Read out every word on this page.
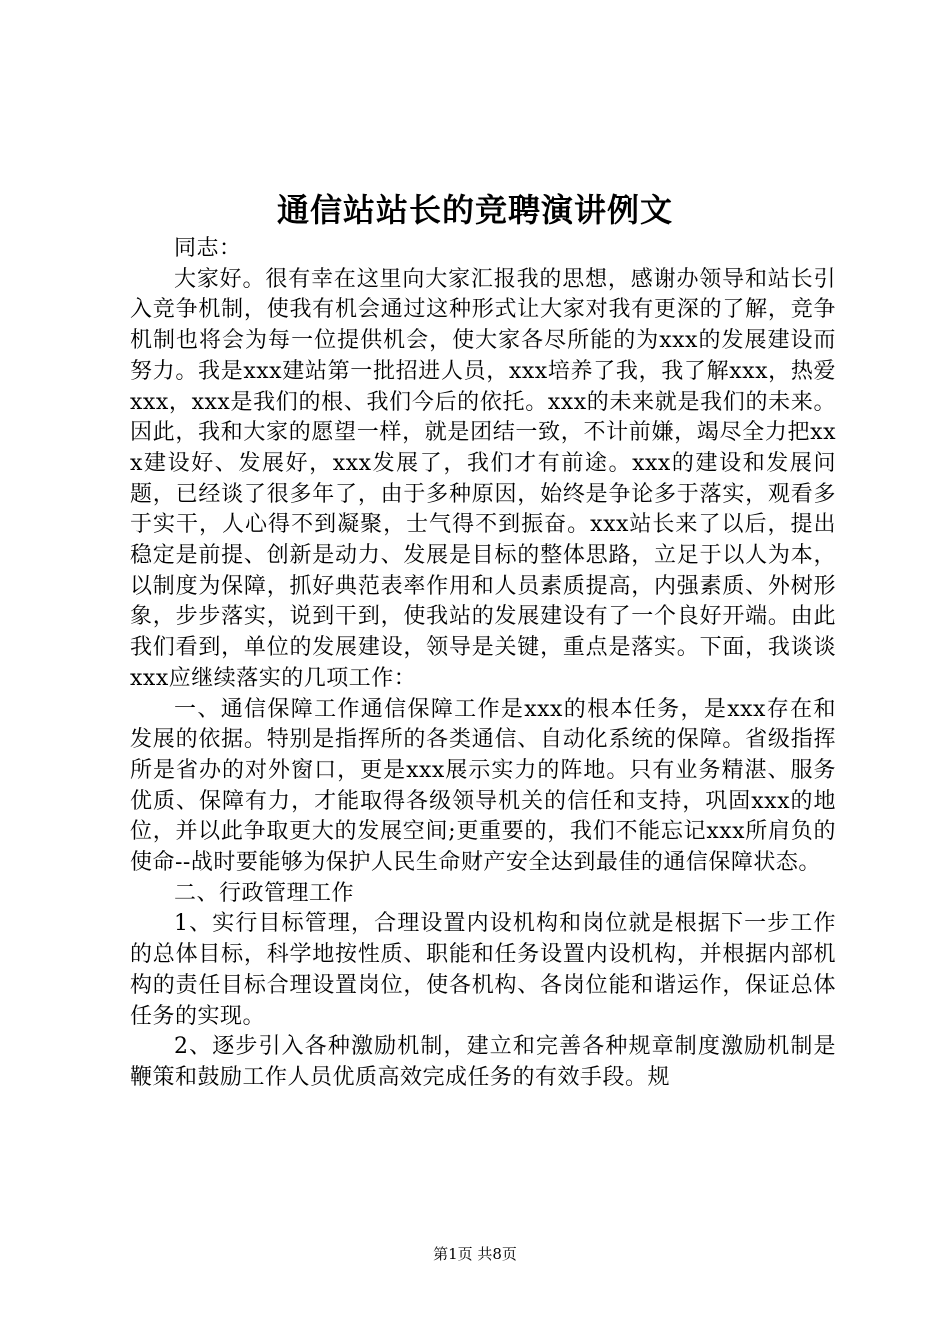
通信站站长的竞聘演讲例文

同志：

大家好。很有幸在这里向大家汇报我的思想，感谢办领导和站长引入竞争机制，使我有机会通过这种形式让大家对我有更深的了解，竞争机制也将会为每一位提供机会，使大家各尽所能的为xxx的发展建设而努力。我是xxx建站第一批招进人员，xxx培养了我，我了解xxx，热爱xxx，xxx是我们的根、我们今后的依托。xxx的未来就是我们的未来。因此，我和大家的愿望一样，就是团结一致，不计前嫌，竭尽全力把xxx建设好、发展好，xxx发展了，我们才有前途。xxx的建设和发展问题，已经谈了很多年了，由于多种原因，始终是争论多于落实，观看多于实干，人心得不到凝聚，士气得不到振奋。xxx站长来了以后，提出稳定是前提、创新是动力、发展是目标的整体思路，立足于以人为本，以制度为保障，抓好典范表率作用和人员素质提高，内强素质、外树形象，步步落实，说到干到，使我站的发展建设有了一个良好开端。由此我们看到，单位的发展建设，领导是关键，重点是落实。下面，我谈谈xxx应继续落实的几项工作：

一、通信保障工作通信保障工作是xxx的根本任务，是xxx存在和发展的依据。特别是指挥所的各类通信、自动化系统的保障。省级指挥所是省办的对外窗口，更是xxx展示实力的阵地。只有业务精湛、服务优质、保障有力，才能取得各级领导机关的信任和支持，巩固xxx的地位，并以此争取更大的发展空间;更重要的，我们不能忘记xxx所肩负的使命--战时要能够为保护人民生命财产安全达到最佳的通信保障状态。

二、行政管理工作

1、实行目标管理，合理设置内设机构和岗位就是根据下一步工作的总体目标，科学地按性质、职能和任务设置内设机构，并根据内部机构的责任目标合理设置岗位，使各机构、各岗位能和谐运作，保证总体任务的实现。

2、逐步引入各种激励机制，建立和完善各种规章制度激励机制是鞭策和鼓励工作人员优质高效完成任务的有效手段。规

第1页 共8页
